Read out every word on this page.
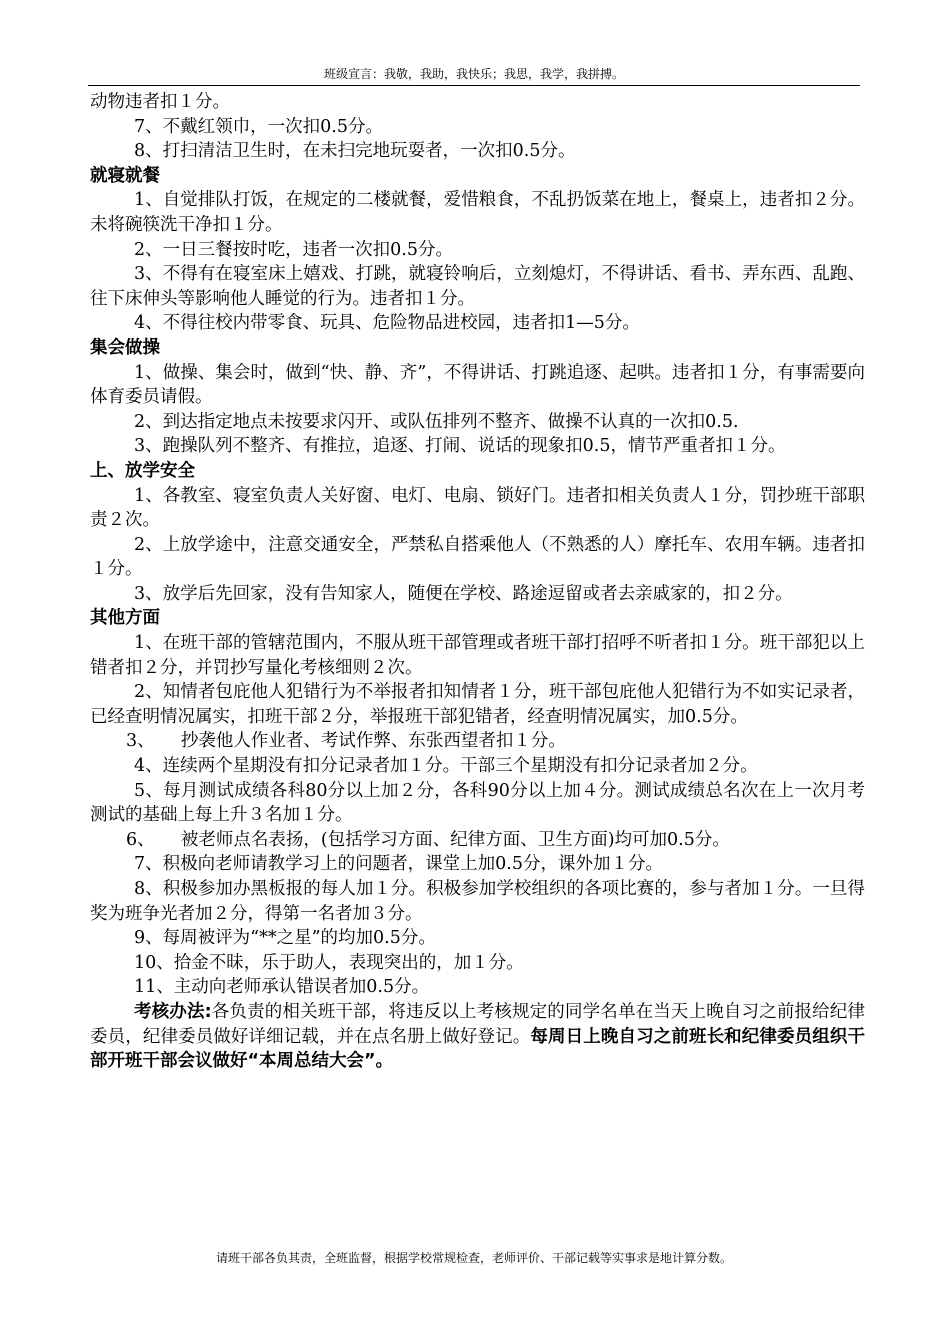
班级宣言：我敬，我助，我快乐；我思，我学，我拼搏。

动物违者扣１分。

7、不戴红领巾，一次扣0.5分。

8、打扫清洁卫生时，在未扫完地玩耍者，一次扣0.5分。

就寝就餐

1、自觉排队打饭，在规定的二楼就餐，爱惜粮食，不乱扔饭菜在地上，餐桌上，违者扣２分。未将碗筷洗干净扣１分。

2、一日三餐按时吃，违者一次扣0.5分。

3、不得有在寝室床上嬉戏、打跳，就寝铃响后，立刻熄灯，不得讲话、看书、弄东西、乱跑、往下床伸头等影响他人睡觉的行为。违者扣１分。

4、不得往校内带零食、玩具、危险物品进校园，违者扣1—5分。

集会做操

1、做操、集会时，做到“快、静、齐”，不得讲话、打跳追逐、起哄。违者扣１分，有事需要向体育委员请假。

2、到达指定地点未按要求闪开、或队伍排列不整齐、做操不认真的一次扣0.5.

3、跑操队列不整齐、有推拉，追逐、打闹、说话的现象扣0.5，情节严重者扣１分。

上、放学安全

1、各教室、寝室负责人关好窗、电灯、电扇、锁好门。违者扣相关负责人１分，罚抄班干部职责２次。

2、上放学途中，注意交通安全，严禁私自搭乘他人（不熟悉的人）摩托车、农用车辆。违者扣１分。

3、放学后先回家，没有告知家人，随便在学校、路途逗留或者去亲戚家的，扣２分。

其他方面

1、在班干部的管辖范围内，不服从班干部管理或者班干部打招呼不听者扣１分。班干部犯以上错者扣２分，并罚抄写量化考核细则２次。

2、知情者包庇他人犯错行为不举报者扣知情者１分，班干部包庇他人犯错行为不如实记录者，已经查明情况属实，扣班干部２分，举报班干部犯错者，经查明情况属实，加0.5分。

3、　　抄袭他人作业者、考试作弊、东张西望者扣１分。

4、连续两个星期没有扣分记录者加１分。干部三个星期没有扣分记录者加２分。

5、每月测试成绩各科80分以上加２分，各科90分以上加４分。测试成绩总名次在上一次月考测试的基础上每上升３名加１分。

6、　　被老师点名表扬，(包括学习方面、纪律方面、卫生方面)均可加0.5分。

7、积极向老师请教学习上的问题者，课堂上加0.5分，课外加１分。

8、积极参加办黑板报的每人加１分。积极参加学校组织的各项比赛的，参与者加１分。一旦得奖为班争光者加２分，得第一名者加３分。

9、每周被评为“**之星”的均加0.5分。

10、拾金不昧，乐于助人，表现突出的，加１分。

11、主动向老师承认错误者加0.5分。

考核办法:各负责的相关班干部，将违反以上考核规定的同学名单在当天上晚自习之前报给纪律委员，纪律委员做好详细记载，并在点名册上做好登记。每周日上晚自习之前班长和纪律委员组织干部开班干部会议做好“本周总结大会”。

请班干部各负其责，全班监督，根据学校常规检查，老师评价、干部记载等实事求是地计算分数。
